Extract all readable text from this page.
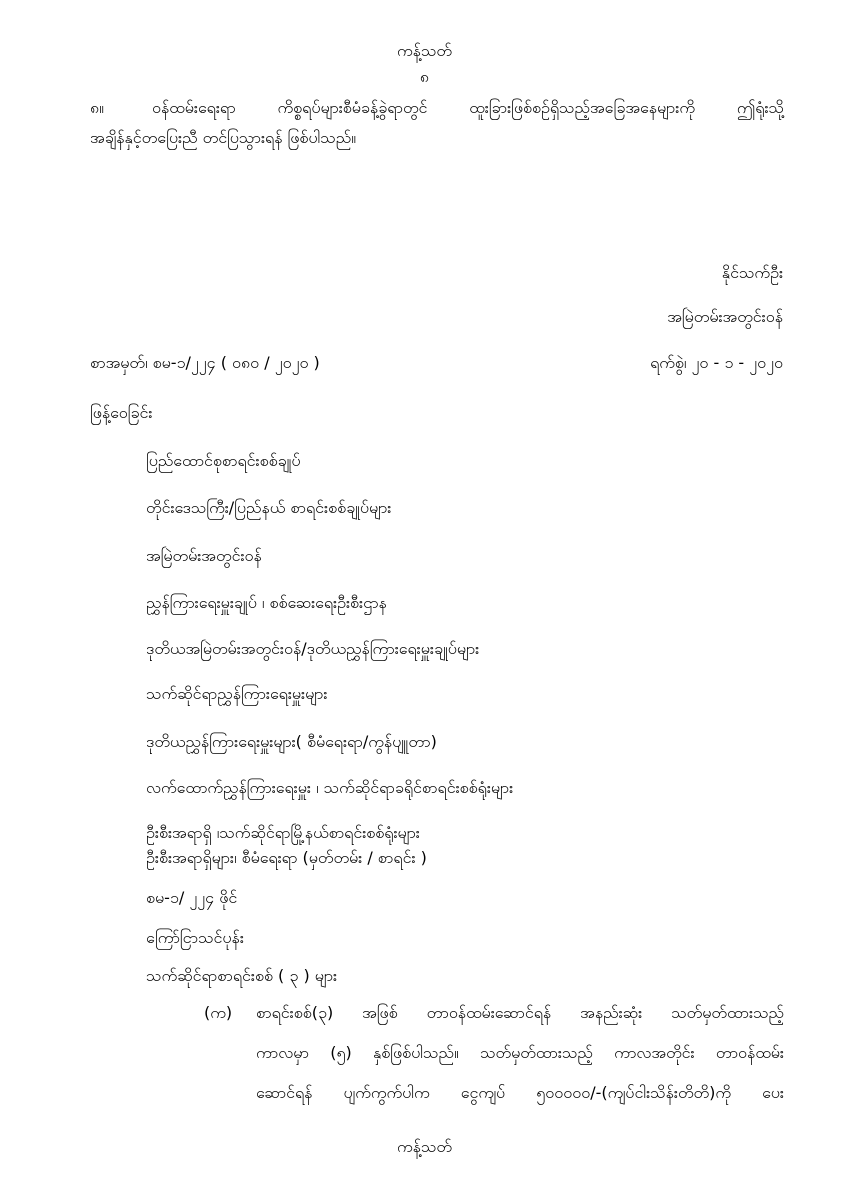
ကန့်သတ်
၈
၈။	ဝန်ထမ်းရေးရာ ကိစ္စရပ်များစီမံခန့်ခွဲရာတွင် ထူးခြားဖြစ်စဉ်ရှိသည့်အခြေအနေများကို ဤရုံးသို့
အချိန်နှင့်တပြေးညီ တင်ပြသွားရန် ဖြစ်ပါသည်။
နိုင်သက်ဦး
အမြဲတမ်းအတွင်းဝန်
စာအမှတ်၊ စမ-၁/၂၂၄ ( ၀၈၀ / ၂၀၂၀ )	ရက်စွဲ၊ ၂၀ - ၁ - ၂၀၂၀
ဖြန့်ဝေခြင်း
ပြည်ထောင်စုစာရင်းစစ်ချုပ်
တိုင်းဒေသကြီး/ပြည်နယ် စာရင်းစစ်ချုပ်များ
အမြဲတမ်းအတွင်းဝန်
ညွှန်ကြားရေးမှူးချုပ် ၊ စစ်ဆေးရေးဦးစီးဌာန
ဒုတိယအမြဲတမ်းအတွင်းဝန်/ဒုတိယညွှန်ကြားရေးမှူးချုပ်များ
သက်ဆိုင်ရာညွှန်ကြားရေးမှူးများ
ဒုတိယညွှန်ကြားရေးမှူးများ( စီမံရေးရာ/ကွန်ပျူတာ)
လက်ထောက်ညွှန်ကြားရေးမှူး ၊ သက်ဆိုင်ရာခရိုင်စာရင်းစစ်ရုံးများ
ဦးစီးအရာရှိ ၊သက်ဆိုင်ရာမြို့နယ်စာရင်းစစ်ရုံးများ
ဦးစီးအရာရှိများ၊ စီမံရေးရာ (မှတ်တမ်း / စာရင်း )
စမ-၁/ ၂၂၄ ဖိုင်
ကြော်ငြာသင်ပုန်း
သက်ဆိုင်ရာစာရင်းစစ် ( ၃ ) များ
(က) စာရင်းစစ်(၃) အဖြစ် တာဝန်ထမ်းဆောင်ရန် အနည်းဆုံး သတ်မှတ်ထားသည့်
ကာလမှာ (၅) နှစ်ဖြစ်ပါသည်။ သတ်မှတ်ထားသည့် ကာလအတိုင်း တာဝန်ထမ်း
ဆောင်ရန် ပျက်ကွက်ပါက ငွေကျပ် ၅၀၀၀၀၀/-(ကျပ်ငါးသိန်းတိတိ)ကို ပေး
ကန့်သတ်
